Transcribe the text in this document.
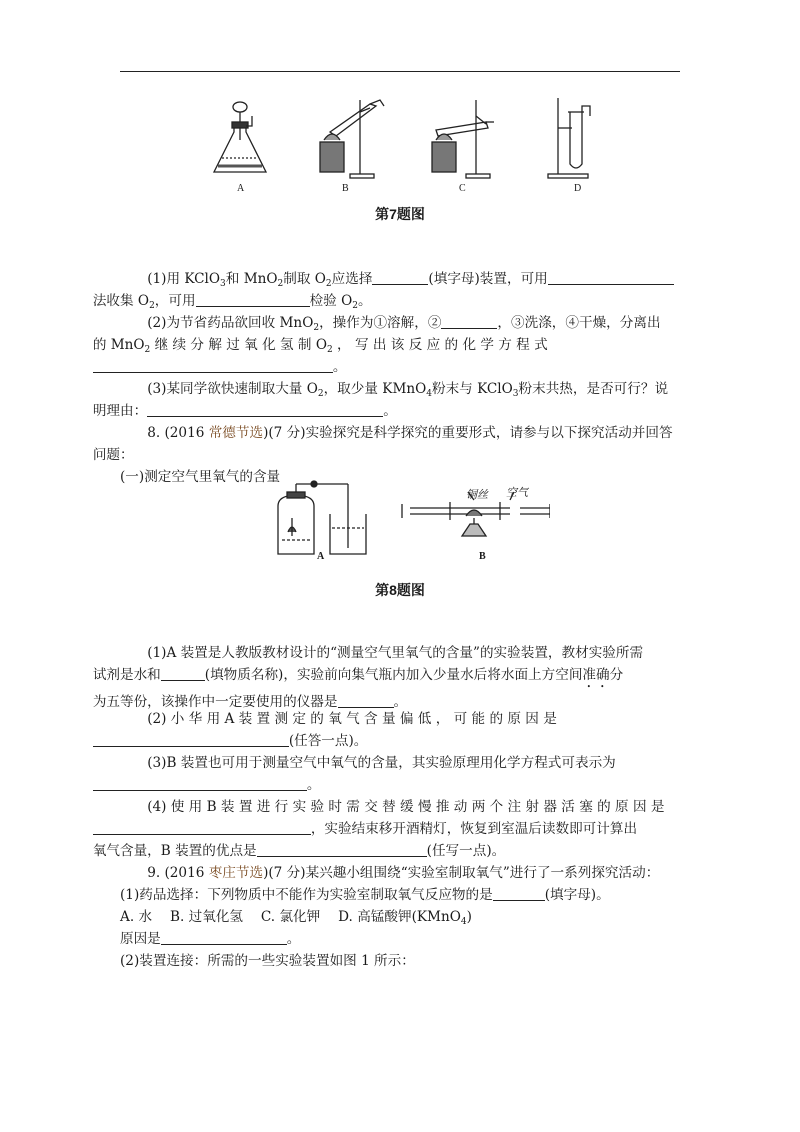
A	B	C	D
第7题图

(1)用 KClO$_3$和 MnO$_2$制取 $O_2$应选择	(填字母)装置，可用
法收集 $O_2$，可用	检验 $O_2$。

(2)为节省药品欲回收 MnO$_2$，操作为①溶解，②	，③洗涤，④干燥，分离出
的 MnO$_2$ 继 续 分 解 过 氧 化 氢 制 $O_2$ ， 写 出 该 反 应 的 化 学 方 程 式
。

(3)某同学欲快速制取大量 $O_2$，取少量 KMnO$_4$粉末与 KClO$_3$粉末共热，是否可行？说
明理由：	。

8. (2016 常德节选)(7 分)实验探究是科学探究的重要形式，请参与以下探究活动并回答
问题：
(一)测定空气里氧气的含量

A	B
铜丝 空气
第8题图

(1)A 装置是人教版教材设计的“测量空气里氧气的含量”的实验装置，教材实验所需
试剂是水和	(填物质名称)，实验前向集气瓶内加入少量水后将水面上方空间准确分
为五等份，该操作中一定要使用的仪器是	。

(2) 小 华 用 A 装 置 测 定 的 氧 气 含 量 偏 低 ， 可 能 的 原 因 是
(任答一点)。

(3)B 装置也可用于测量空气中氧气的含量，其实验原理用化学方程式可表示为
。

(4) 使 用 B 装 置 进 行 实 验 时 需 交 替 缓 慢 推 动 两 个 注 射 器 活 塞 的 原 因 是
，实验结束移开酒精灯，恢复到室温后读数即可计算出
氧气含量，B 装置的优点是	(任写一点)。

9. (2016 枣庄节选)(7 分)某兴趣小组围绕“实验室制取氧气”进行了一系列探究活动：
(1)药品选择：下列物质中不能作为实验室制取氧气反应物的是	(填字母)。
A. 水　 B. 过氧化氢　 C. 氯化钾　 D. 高锰酸钾(KMnO$_4$)
原因是	。
(2)装置连接：所需的一些实验装置如图 1 所示：
